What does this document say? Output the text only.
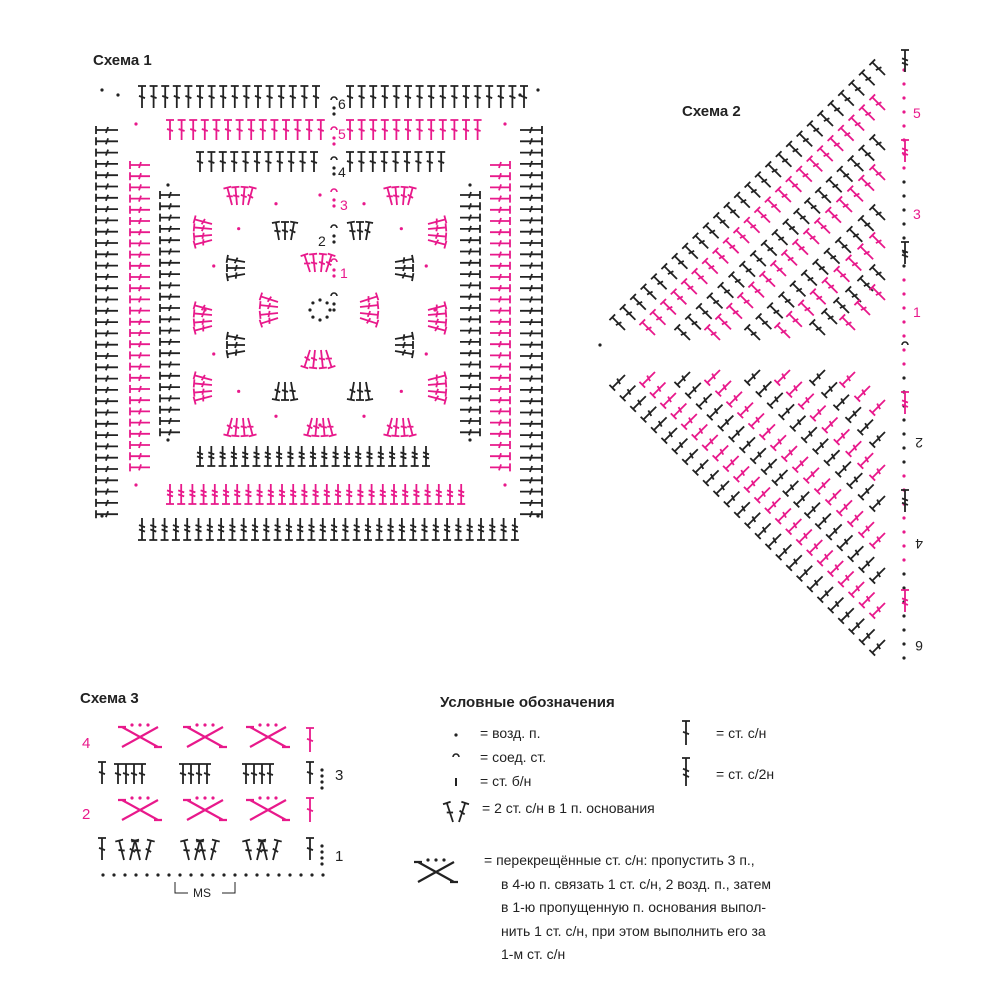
Схема 1
Схема 2
Схема 3
6
5
4
3
2
1
5
3
1
2
4
6
4
3
2
1
MS
Условные обозначения
= возд. п.
= соед. ст.
= ст. б/н
= 2 ст. с/н в 1 п. основания
= ст. с/н
= ст. с/2н
= перекрещённые ст. с/н: пропустить 3 п.,
в 4-ю п. связать 1 ст. с/н, 2 возд. п., затем
в 1-ю пропущенную п. основания выпол-
нить 1 ст. с/н, при этом выполнить его за
1-м ст. с/н
